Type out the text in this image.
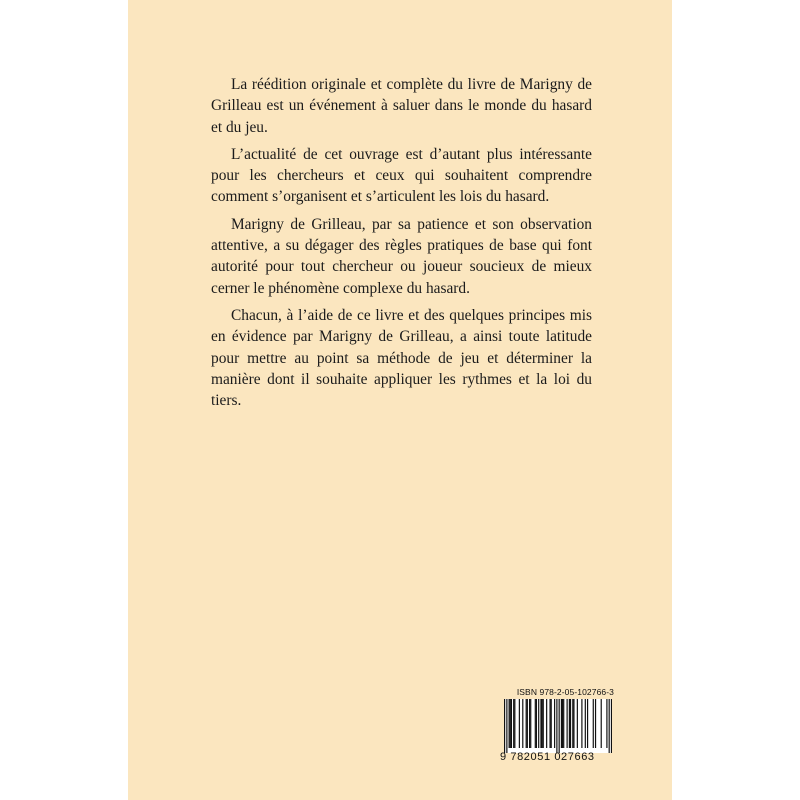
La réédition originale et complète du livre de Marigny de Grilleau est un événement à saluer dans le monde du hasard et du jeu.

L’actualité de cet ouvrage est d’autant plus intéressante pour les chercheurs et ceux qui souhaitent comprendre comment s’organisent et s’articulent les lois du hasard.

Marigny de Grilleau, par sa patience et son observation attentive, a su dégager des règles pratiques de base qui font autorité pour tout chercheur ou joueur soucieux de mieux cerner le phénomène complexe du hasard.

Chacun, à l’aide de ce livre et des quelques principes mis en évidence par Marigny de Grilleau, a ainsi toute latitude pour mettre au point sa méthode de jeu et déterminer la manière dont il souhaite appliquer les rythmes et la loi du tiers.

ISBN 978-2-05-102766-3
9 782051 027663
